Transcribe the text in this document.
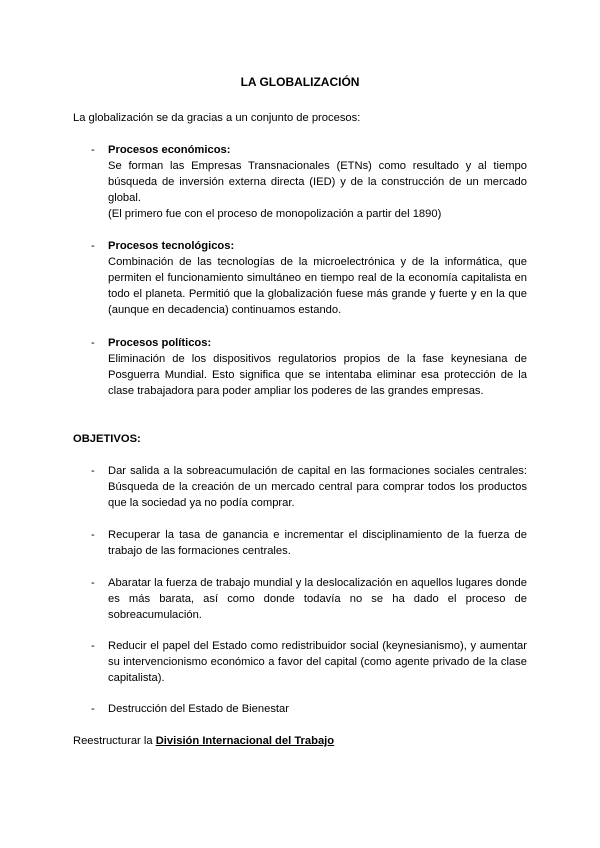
LA GLOBALIZACIÓN
La globalización se da gracias a un conjunto de procesos:
- Procesos económicos:
Se forman las Empresas Transnacionales (ETNs) como resultado y al tiempo búsqueda de inversión externa directa (IED) y de la construcción de un mercado global.
(El primero fue con el proceso de monopolización a partir del 1890)
- Procesos tecnológicos:
Combinación de las tecnologías de la microelectrónica y de la informática, que permiten el funcionamiento simultáneo en tiempo real de la economía capitalista en todo el planeta. Permitió que la globalización fuese más grande y fuerte y en la que (aunque en decadencia) continuamos estando.
- Procesos políticos:
Eliminación de los dispositivos regulatorios propios de la fase keynesiana de Posguerra Mundial. Esto significa que se intentaba eliminar esa protección de la clase trabajadora para poder ampliar los poderes de las grandes empresas.
OBJETIVOS:
- Dar salida a la sobreacumulación de capital en las formaciones sociales centrales: Búsqueda de la creación de un mercado central para comprar todos los productos que la sociedad ya no podía comprar.
- Recuperar la tasa de ganancia e incrementar el disciplinamiento de la fuerza de trabajo de las formaciones centrales.
- Abaratar la fuerza de trabajo mundial y la deslocalización en aquellos lugares donde es más barata, así como donde todavía no se ha dado el proceso de sobreacumulación.
- Reducir el papel del Estado como redistribuidor social (keynesianismo), y aumentar su intervencionismo económico a favor del capital (como agente privado de la clase capitalista).
- Destrucción del Estado de Bienestar
Reestructurar la División Internacional del Trabajo
